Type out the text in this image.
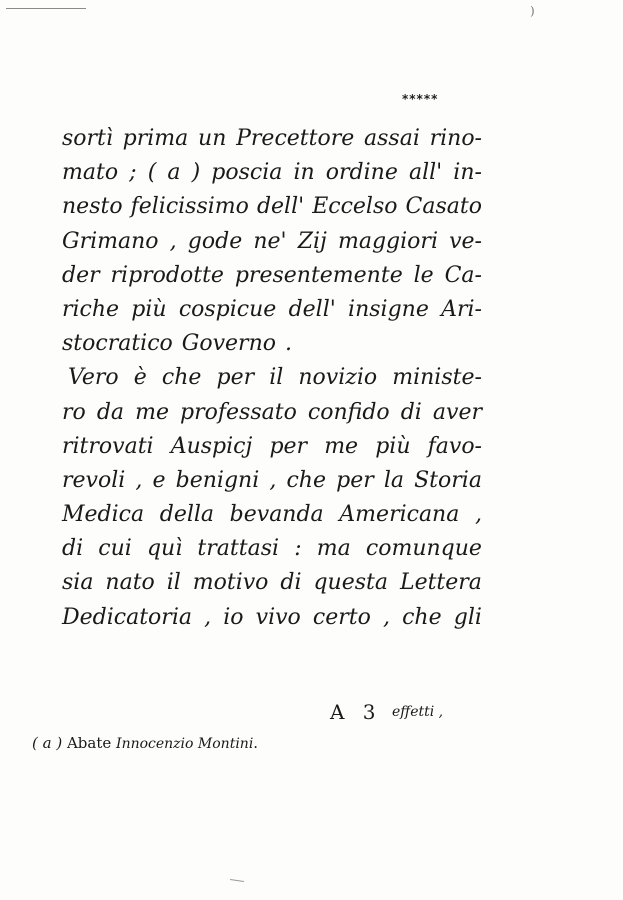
)
*****
sortì prima un Precettore assai rino-
mato ; ( a ) poscia in ordine all' in-
nesto felicissimo dell' Eccelso Casato
Grimano , gode ne' Zij maggiori ve-
der riprodotte presentemente le Ca-
riche più cospicue dell' insigne Ari-
stocratico Governo .
Vero è che per il novizio ministe-
ro da me professato confido di aver
ritrovati Auspicj per me più favo-
revoli , e benigni , che per la Storia
Medica della bevanda Americana ,
di cui quì trattasi : ma comunque
sia nato il motivo di questa Lettera
Dedicatoria , io vivo certo , che gli
A 3 effetti ,
( a ) Abate Innocenzio Montini.
